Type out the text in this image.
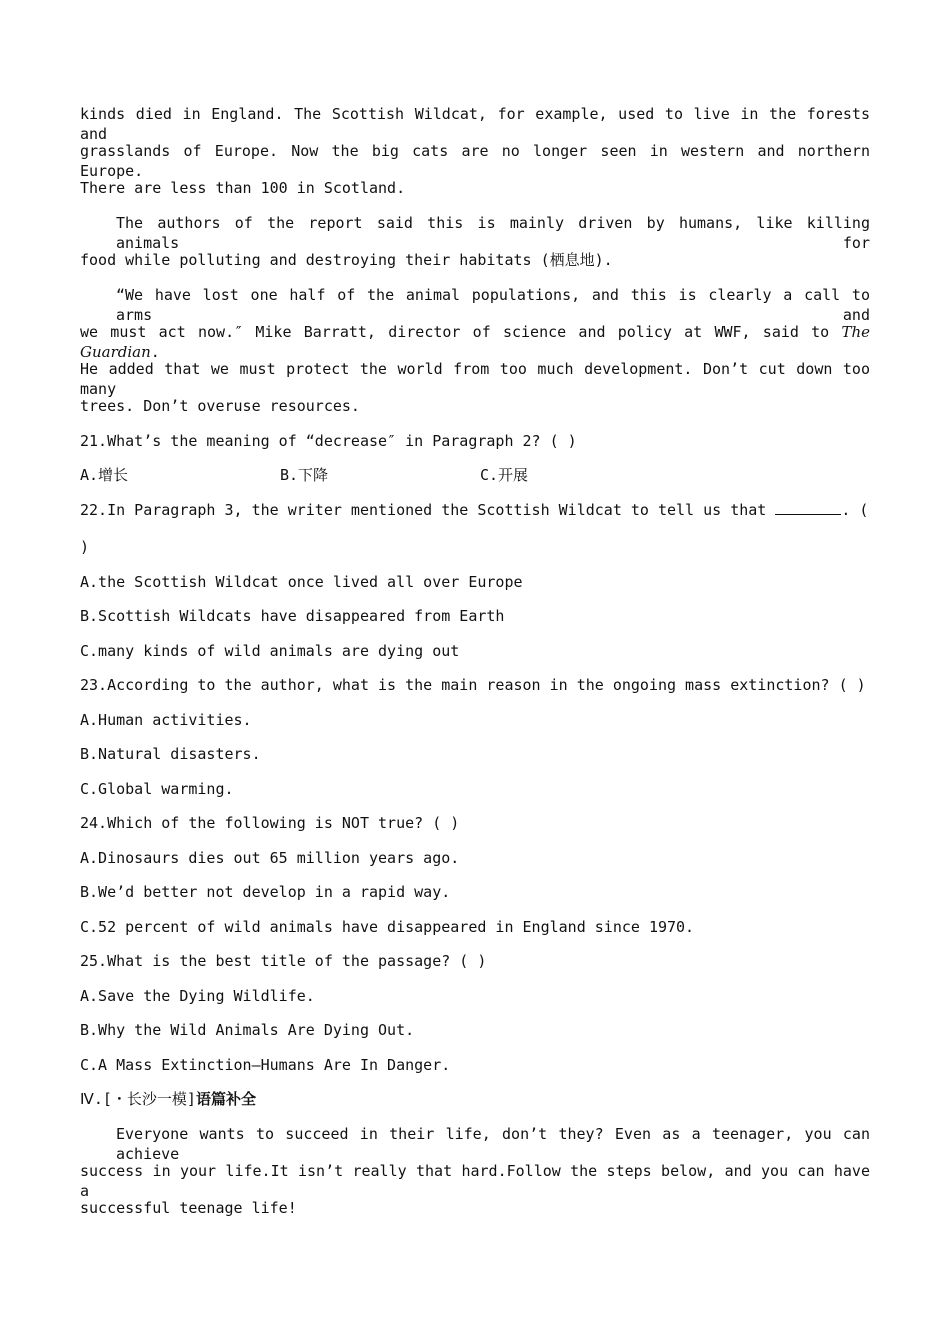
kinds died in England. The Scottish Wildcat, for example, used to live in the forests and
grasslands of Europe. Now the big cats are no longer seen in western and northern Europe.
There are less than 100 in Scotland.
The authors of the report said this is mainly driven by humans, like killing animals for
food while polluting and destroying their habitats (栖息地).
“We have lost one half of the animal populations, and this is clearly a call to arms and
we must act now.″ Mike Barratt, director of science and policy at WWF, said to The Guardian.
He added that we must protect the world from too much development. Don’t cut down too many
trees. Don’t overuse resources.
21.What’s the meaning of “decrease″ in Paragraph 2? ( )
A.增长	B.下降	C.开展
22.In Paragraph 3, the writer mentioned the Scottish Wildcat to tell us that	. (
)
A.the Scottish Wildcat once lived all over Europe
B.Scottish Wildcats have disappeared from Earth
C.many kinds of wild animals are dying out
23.According to the author, what is the main reason in the ongoing mass extinction? ( )
A.Human activities.
B.Natural disasters.
C.Global warming.
24.Which of the following is NOT true? ( )
A.Dinosaurs dies out 65 million years ago.
B.We’d better not develop in a rapid way.
C.52 percent of wild animals have disappeared in England since 1970.
25.What is the best title of the passage? ( )
A.Save the Dying Wildlife.
B.Why the Wild Animals Are Dying Out.
C.A Mass Extinction—Humans Are In Danger.
Ⅳ.[・长沙一模]语篇补全
Everyone wants to succeed in their life, don’t they? Even as a teenager, you can achieve
success in your life.It isn’t really that hard.Follow the steps below, and you can have a
successful teenage life!
